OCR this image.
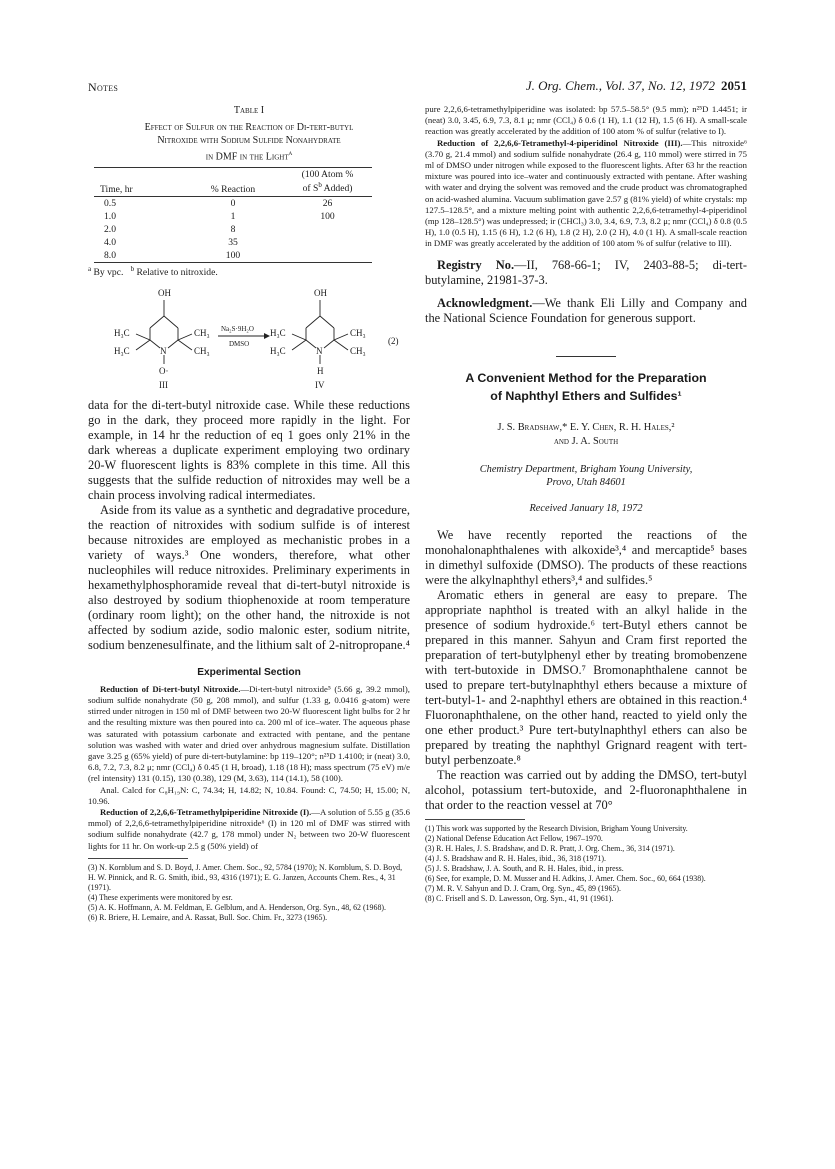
Notes	J. Org. Chem., Vol. 37, No. 12, 1972 2051
Table I
Effect of Sulfur on the Reaction of Di-tert-butyl
Nitroxide with Sodium Sulfide Nonahydrate
in DMF in the Light$^a$
Time, hr	% Reaction	(100 Atom %
of $S^b$ Added)

0.5	0	26
1.0	1	100
2.0	8	
4.0	35	
8.0	100	
$^a$ By vpc. $^b$ Relative to nitroxide.
OH
N
O·
III
H₃C	CH₃
H₃C	CH₃
Na₂S·9H₂O
DMSO
OH
N
H
IV
H₃C	CH₃
H₃C	CH₃
(2)

data for the di-tert-butyl nitroxide case. While these reductions go in the dark, they proceed more rapidly in the light. For example, in 14 hr the reduction of eq 1 goes only 21% in the dark whereas a duplicate experiment employing two ordinary 20-W fluorescent lights is 83% complete in this time. All this suggests that the sulfide reduction of nitroxides may well be a chain process involving radical intermediates.

Aside from its value as a synthetic and degradative procedure, the reaction of nitroxides with sodium sulfide is of interest because nitroxides are employed as mechanistic probes in a variety of ways.³ One wonders, therefore, what other nucleophiles will reduce nitroxides. Preliminary experiments in hexamethylphosphoramide reveal that di-tert-butyl nitroxide is also destroyed by sodium thiophenoxide at room temperature (ordinary room light); on the other hand, the nitroxide is not affected by sodium azide, sodio malonic ester, sodium nitrite, sodium benzenesulfinate, and the lithium salt of 2-nitropropane.⁴

Experimental Section

Reduction of Di-tert-butyl Nitroxide.—Di-tert-butyl nitroxide⁵ (5.66 g, 39.2 mmol), sodium sulfide nonahydrate (50 g, 208 mmol), and sulfur (1.33 g, 0.0416 g-atom) were stirred under nitrogen in 150 ml of DMF between two 20-W fluorescent light bulbs for 2 hr and the resulting mixture was then poured into ca. 200 ml of ice–water. The aqueous phase was saturated with potassium carbonate and extracted with pentane, and the pentane solution was washed with water and dried over anhydrous magnesium sulfate. Distillation gave 3.25 g (65% yield) of pure di-tert-butylamine: bp 119–120°; n²⁵D 1.4100; ir (neat) 3.0, 6.8, 7.2, 7.3, 8.2 μ; nmr (CCl₄) δ 0.45 (1 H, broad), 1.18 (18 H); mass spectrum (75 eV) m/e (rel intensity) 131 (0.15), 130 (0.38), 129 (M, 3.63), 114 (14.1), 58 (100).

Anal. Calcd for C₈H₁₉N: C, 74.34; H, 14.82; N, 10.84. Found: C, 74.50; H, 15.00; N, 10.96.

Reduction of 2,2,6,6-Tetramethylpiperidine Nitroxide (I).—A solution of 5.55 g (35.6 mmol) of 2,2,6,6-tetramethylpiperidine nitroxide⁶ (I) in 120 ml of DMF was stirred with sodium sulfide nonahydrate (42.7 g, 178 mmol) under N₂ between two 20-W fluorescent lights for 11 hr. On work-up 2.5 g (50% yield) of

(3) N. Kornblum and S. D. Boyd, J. Amer. Chem. Soc., 92, 5784 (1970); N. Kornblum, S. D. Boyd, H. W. Pinnick, and R. G. Smith, ibid., 93, 4316 (1971); E. G. Janzen, Accounts Chem. Res., 4, 31 (1971).

(4) These experiments were monitored by esr.

(5) A. K. Hoffmann, A. M. Feldman, E. Gelblum, and A. Henderson, Org. Syn., 48, 62 (1968).

(6) R. Briere, H. Lemaire, and A. Rassat, Bull. Soc. Chim. Fr., 3273 (1965).

pure 2,2,6,6-tetramethylpiperidine was isolated: bp 57.5–58.5° (9.5 mm); n²⁵D 1.4451; ir (neat) 3.0, 3.45, 6.9, 7.3, 8.1 μ; nmr (CCl₄) δ 0.6 (1 H), 1.1 (12 H), 1.5 (6 H). A small-scale reaction was greatly accelerated by the addition of 100 atom % of sulfur (relative to I).

Reduction of 2,2,6,6-Tetramethyl-4-piperidinol Nitroxide (III).—This nitroxide⁶ (3.70 g, 21.4 mmol) and sodium sulfide nonahydrate (26.4 g, 110 mmol) were stirred in 75 ml of DMSO under nitrogen while exposed to the fluorescent lights. After 63 hr the reaction mixture was poured into ice–water and continuously extracted with pentane. After washing with water and drying the solvent was removed and the crude product was chromatographed on acid-washed alumina. Vacuum sublimation gave 2.57 g (81% yield) of white crystals: mp 127.5–128.5°, and a mixture melting point with authentic 2,2,6,6-tetramethyl-4-piperidinol (mp 128–128.5°) was undepressed; ir (CHCl₃) 3.0, 3.4, 6.9, 7.3, 8.2 μ; nmr (CCl₄) δ 0.8 (0.5 H), 1.0 (0.5 H), 1.15 (6 H), 1.2 (6 H), 1.8 (2 H), 2.0 (2 H), 4.0 (1 H). A small-scale reaction in DMF was greatly accelerated by the addition of 100 atom % of sulfur (relative to III).

Registry No.—II, 768-66-1; IV, 2403-88-5; di-tert-butylamine, 21981-37-3.

Acknowledgment.—We thank Eli Lilly and Company and the National Science Foundation for generous support.

A Convenient Method for the Preparation
of Naphthyl Ethers and Sulfides¹
J. S. Bradshaw,* E. Y. Chen, R. H. Hales,²
and J. A. South
Chemistry Department, Brigham Young University,
Provo, Utah 84601
Received January 18, 1972

We have recently reported the reactions of the monohalonaphthalenes with alkoxide³,⁴ and mercaptide⁵ bases in dimethyl sulfoxide (DMSO). The products of these reactions were the alkylnaphthyl ethers³,⁴ and sulfides.⁵

Aromatic ethers in general are easy to prepare. The appropriate naphthol is treated with an alkyl halide in the presence of sodium hydroxide.⁶ tert-Butyl ethers cannot be prepared in this manner. Sahyun and Cram first reported the preparation of tert-butylphenyl ether by treating bromobenzene with tert-butoxide in DMSO.⁷ Bromonaphthalene cannot be used to prepare tert-butylnaphthyl ethers because a mixture of tert-butyl-1- and 2-naphthyl ethers are obtained in this reaction.⁴ Fluoronaphthalene, on the other hand, reacted to yield only the one ether product.³ Pure tert-butylnaphthyl ethers can also be prepared by treating the naphthyl Grignard reagent with tert-butyl perbenzoate.⁸

The reaction was carried out by adding the DMSO, tert-butyl alcohol, potassium tert-butoxide, and 2-fluoronaphthalene in that order to the reaction vessel at 70°

(1) This work was supported by the Research Division, Brigham Young University.

(2) National Defense Education Act Fellow, 1967–1970.

(3) R. H. Hales, J. S. Bradshaw, and D. R. Pratt, J. Org. Chem., 36, 314 (1971).

(4) J. S. Bradshaw and R. H. Hales, ibid., 36, 318 (1971).

(5) J. S. Bradshaw, J. A. South, and R. H. Hales, ibid., in press.

(6) See, for example, D. M. Musser and H. Adkins, J. Amer. Chem. Soc., 60, 664 (1938).

(7) M. R. V. Sahyun and D. J. Cram, Org. Syn., 45, 89 (1965).

(8) C. Frisell and S. D. Lawesson, Org. Syn., 41, 91 (1961).
